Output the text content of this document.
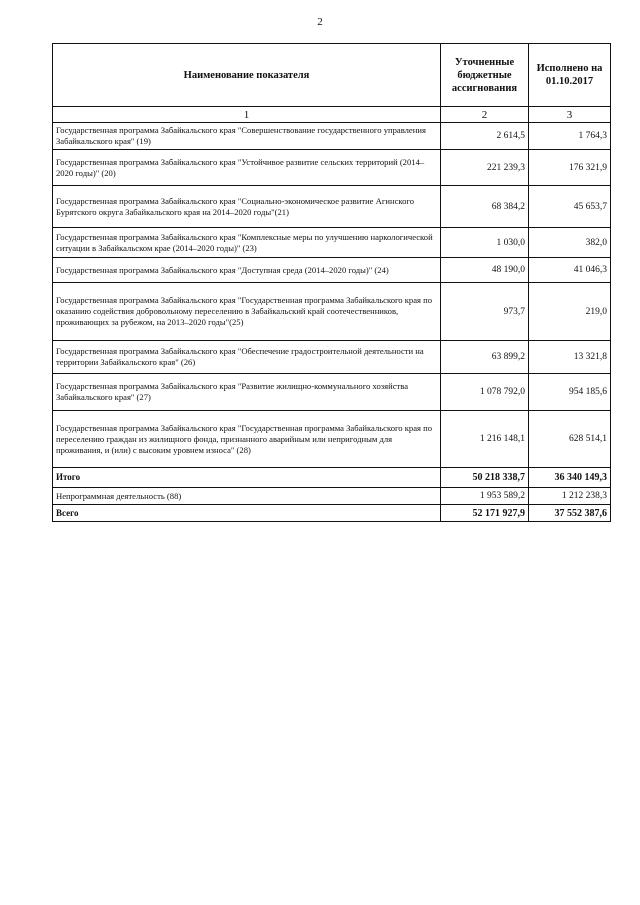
2
Наименование показателя	Уточненные бюджетные ассигнования	Исполнено на 01.10.2017
1	2	3
Государственная программа Забайкальского края "Совершенствование государственного управления Забайкальского края" (19)	2 614,5	1 764,3
Государственная программа Забайкальского края "Устойчивое развитие сельских территорий (2014–2020 годы)" (20)	221 239,3	176 321,9
Государственная программа Забайкальского края "Социально-экономическое развитие Агинского Бурятского округа Забайкальского края на 2014–2020 годы"(21)	68 384,2	45 653,7
Государственная программа Забайкальского края "Комплексные меры по улучшению наркологической ситуации в Забайкальском крае (2014–2020 годы)" (23)	1 030,0	382,0
Государственная программа Забайкальского края "Доступная среда (2014–2020 годы)" (24)	48 190,0	41 046,3
Государственная программа Забайкальского края "Государственная программа Забайкальского края по оказанию содействия добровольному переселению в Забайкальский край соотечественников, проживающих за рубежом, на 2013–2020 годы"(25)	973,7	219,0
Государственная программа Забайкальского края "Обеспечение градостроительной деятельности на территории Забайкальского края" (26)	63 899,2	13 321,8
Государственная программа Забайкальского края "Развитие жилищно-коммунального хозяйства Забайкальского края" (27)	1 078 792,0	954 185,6
Государственная программа Забайкальского края "Государственная программа Забайкальского края по переселению граждан из жилищного фонда, признанного аварийным или непригодным для проживания, и (или) с высоким уровнем износа" (28)	1 216 148,1	628 514,1
Итого	50 218 338,7	36 340 149,3
Непрограммная деятельность (88)	1 953 589,2	1 212 238,3
Всего	52 171 927,9	37 552 387,6
